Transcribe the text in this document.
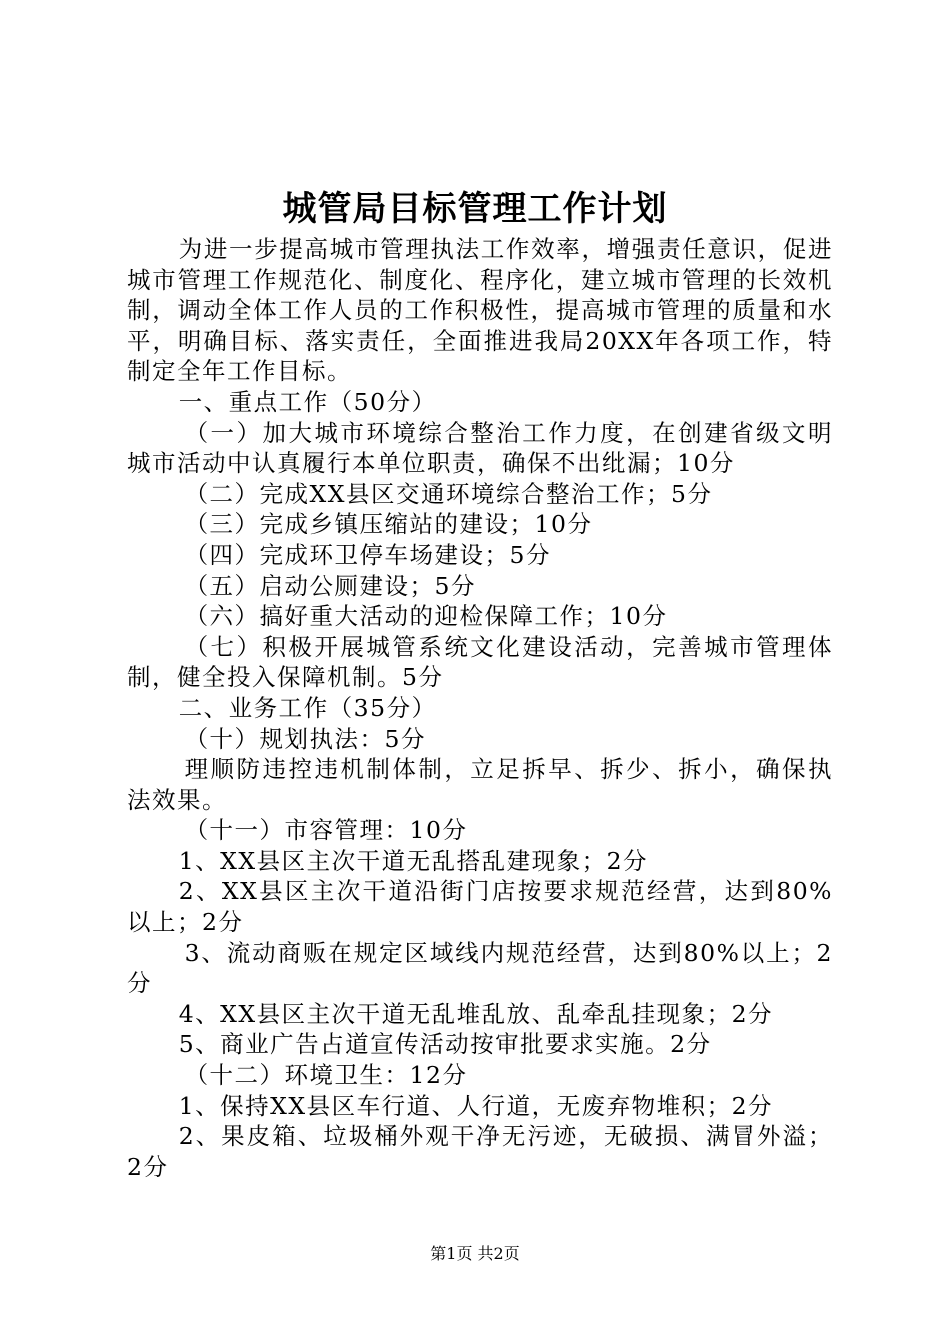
城管局目标管理工作计划

为进一步提高城市管理执法工作效率，增强责任意识，促进城市管理工作规范化、制度化、程序化，建立城市管理的长效机制，调动全体工作人员的工作积极性，提高城市管理的质量和水平，明确目标、落实责任，全面推进我局20XX年各项工作，特制定全年工作目标。

一、重点工作（50分）

（一）加大城市环境综合整治工作力度，在创建省级文明城市活动中认真履行本单位职责，确保不出纰漏；10分

（二）完成XX县区交通环境综合整治工作；5分

（三）完成乡镇压缩站的建设；10分

（四）完成环卫停车场建设；5分

（五）启动公厕建设；5分

（六）搞好重大活动的迎检保障工作；10分

（七）积极开展城管系统文化建设活动，完善城市管理体制，健全投入保障机制。5分

二、业务工作（35分）

（十）规划执法：5分

理顺防违控违机制体制，立足拆早、拆少、拆小，确保执法效果。

（十一）市容管理：10分

1、XX县区主次干道无乱搭乱建现象；2分

2、XX县区主次干道沿街门店按要求规范经营，达到80%以上；2分

3、流动商贩在规定区域线内规范经营，达到80%以上；2分

4、XX县区主次干道无乱堆乱放、乱牵乱挂现象；2分

5、商业广告占道宣传活动按审批要求实施。2分

（十二）环境卫生：12分

1、保持XX县区车行道、人行道，无废弃物堆积；2分

2、果皮箱、垃圾桶外观干净无污迹，无破损、满冒外溢；2分

第1页 共2页
